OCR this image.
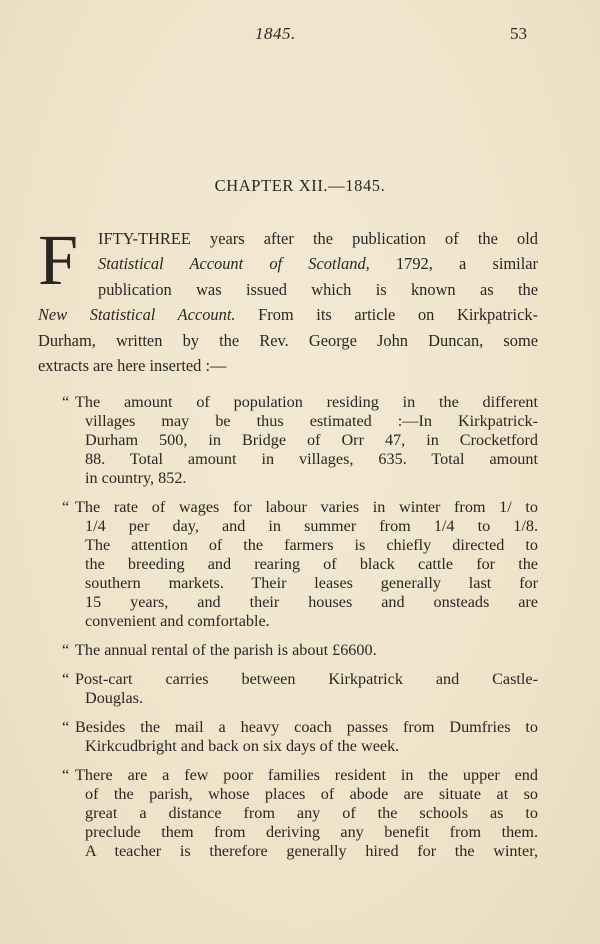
1845.	53
CHAPTER XII.—1845.
F	IFTY-THREE years after the publication of the old
Statistical Account of Scotland, 1792, a similar
publication was issued which is known as the
New Statistical Account. From its article on Kirkpatrick-
Durham, written by the Rev. George John Duncan, some
extracts are here inserted :—
“ The amount of population residing in the different
villages may be thus estimated :—In Kirkpatrick-
Durham 500, in Bridge of Orr 47, in Crocketford
88. Total amount in villages, 635. Total amount
in country, 852.
“ The rate of wages for labour varies in winter from 1/ to
1/4 per day, and in summer from 1/4 to 1/8.
The attention of the farmers is chiefly directed to
the breeding and rearing of black cattle for the
southern markets. Their leases generally last for
15 years, and their houses and onsteads are
convenient and comfortable.
“ The annual rental of the parish is about £6600.
“ Post-cart carries between Kirkpatrick and Castle-
Douglas.
“ Besides the mail a heavy coach passes from Dumfries to
Kirkcudbright and back on six days of the week.
“ There are a few poor families resident in the upper end
of the parish, whose places of abode are situate at so
great a distance from any of the schools as to
preclude them from deriving any benefit from them.
A teacher is therefore generally hired for the winter,
